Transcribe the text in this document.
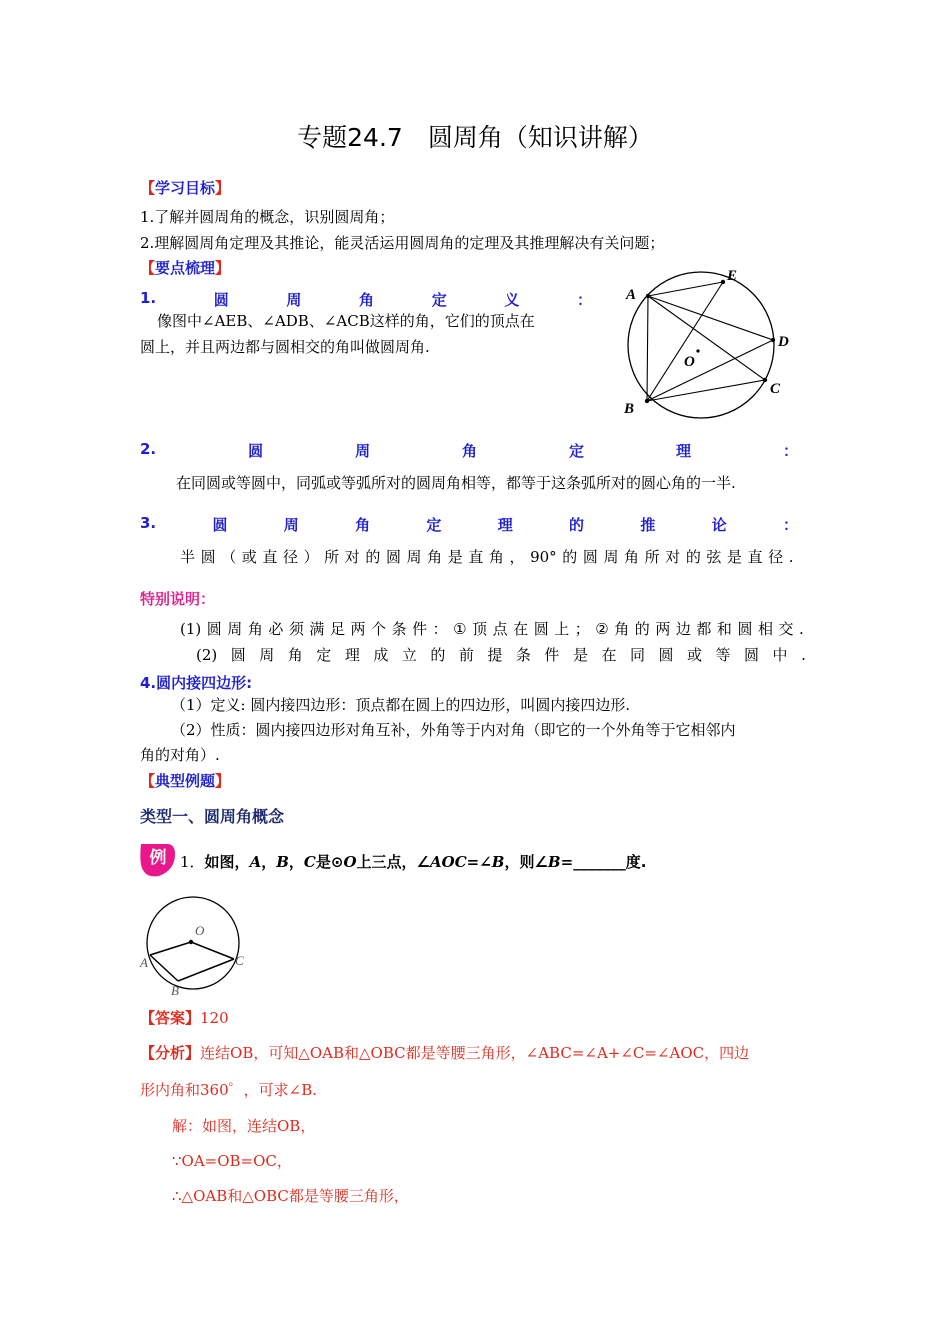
专题24.7　圆周角（知识讲解）
【学习目标】
1.了解并圆周角的概念，识别圆周角；
2.理解圆周角定理及其推论，能灵活运用圆周角的定理及其推理解决有关问题；
【要点梳理】
1.	圆	周	角	定	义	：
像图中∠AEB、∠ADB、∠ACB这样的角，它们的顶点在
圆上，并且两边都与圆相交的角叫做圆周角.
A
E
D
C
B
O
2.	圆	周	角	定	理	：
在同圆或等圆中，同弧或等弧所对的圆周角相等，都等于这条弧所对的圆心角的一半.
3.	圆	周	角	定	理	的	推	论	：
半 圆 （ 或 直 径 ） 所 对 的 圆 周 角 是 直 角 ， 90° 的 圆 周 角 所 对 的 弦 是 直 径 .
特别说明：
(1) 圆 周 角 必 须 满 足 两 个 条 件 ： ① 顶 点 在 圆 上 ； ② 角 的 两 边 都 和 圆 相 交 .
(2) 圆 周 角 定 理 成 立 的 前 提 条 件 是 在 同 圆 或 等 圆 中 .
4.圆内接四边形:
（1）定义: 圆内接四边形：顶点都在圆上的四边形，叫圆内接四边形.
（2）性质：圆内接四边形对角互补，外角等于内对角（即它的一个外角等于它相邻内
角的对角）.
【典型例题】
类型一、圆周角概念
例 1．如图，A，B，C是⊙O上三点，∠AOC=∠B，则∠B=_______度.
O
A
B
C
【答案】120
【分析】连结OB，可知△OAB和△OBC都是等腰三角形，∠ABC=∠A+∠C=∠AOC，四边
形内角和360゜，可求∠B.
解：如图，连结OB，
∵OA=OB=OC，
∴△OAB和△OBC都是等腰三角形，
